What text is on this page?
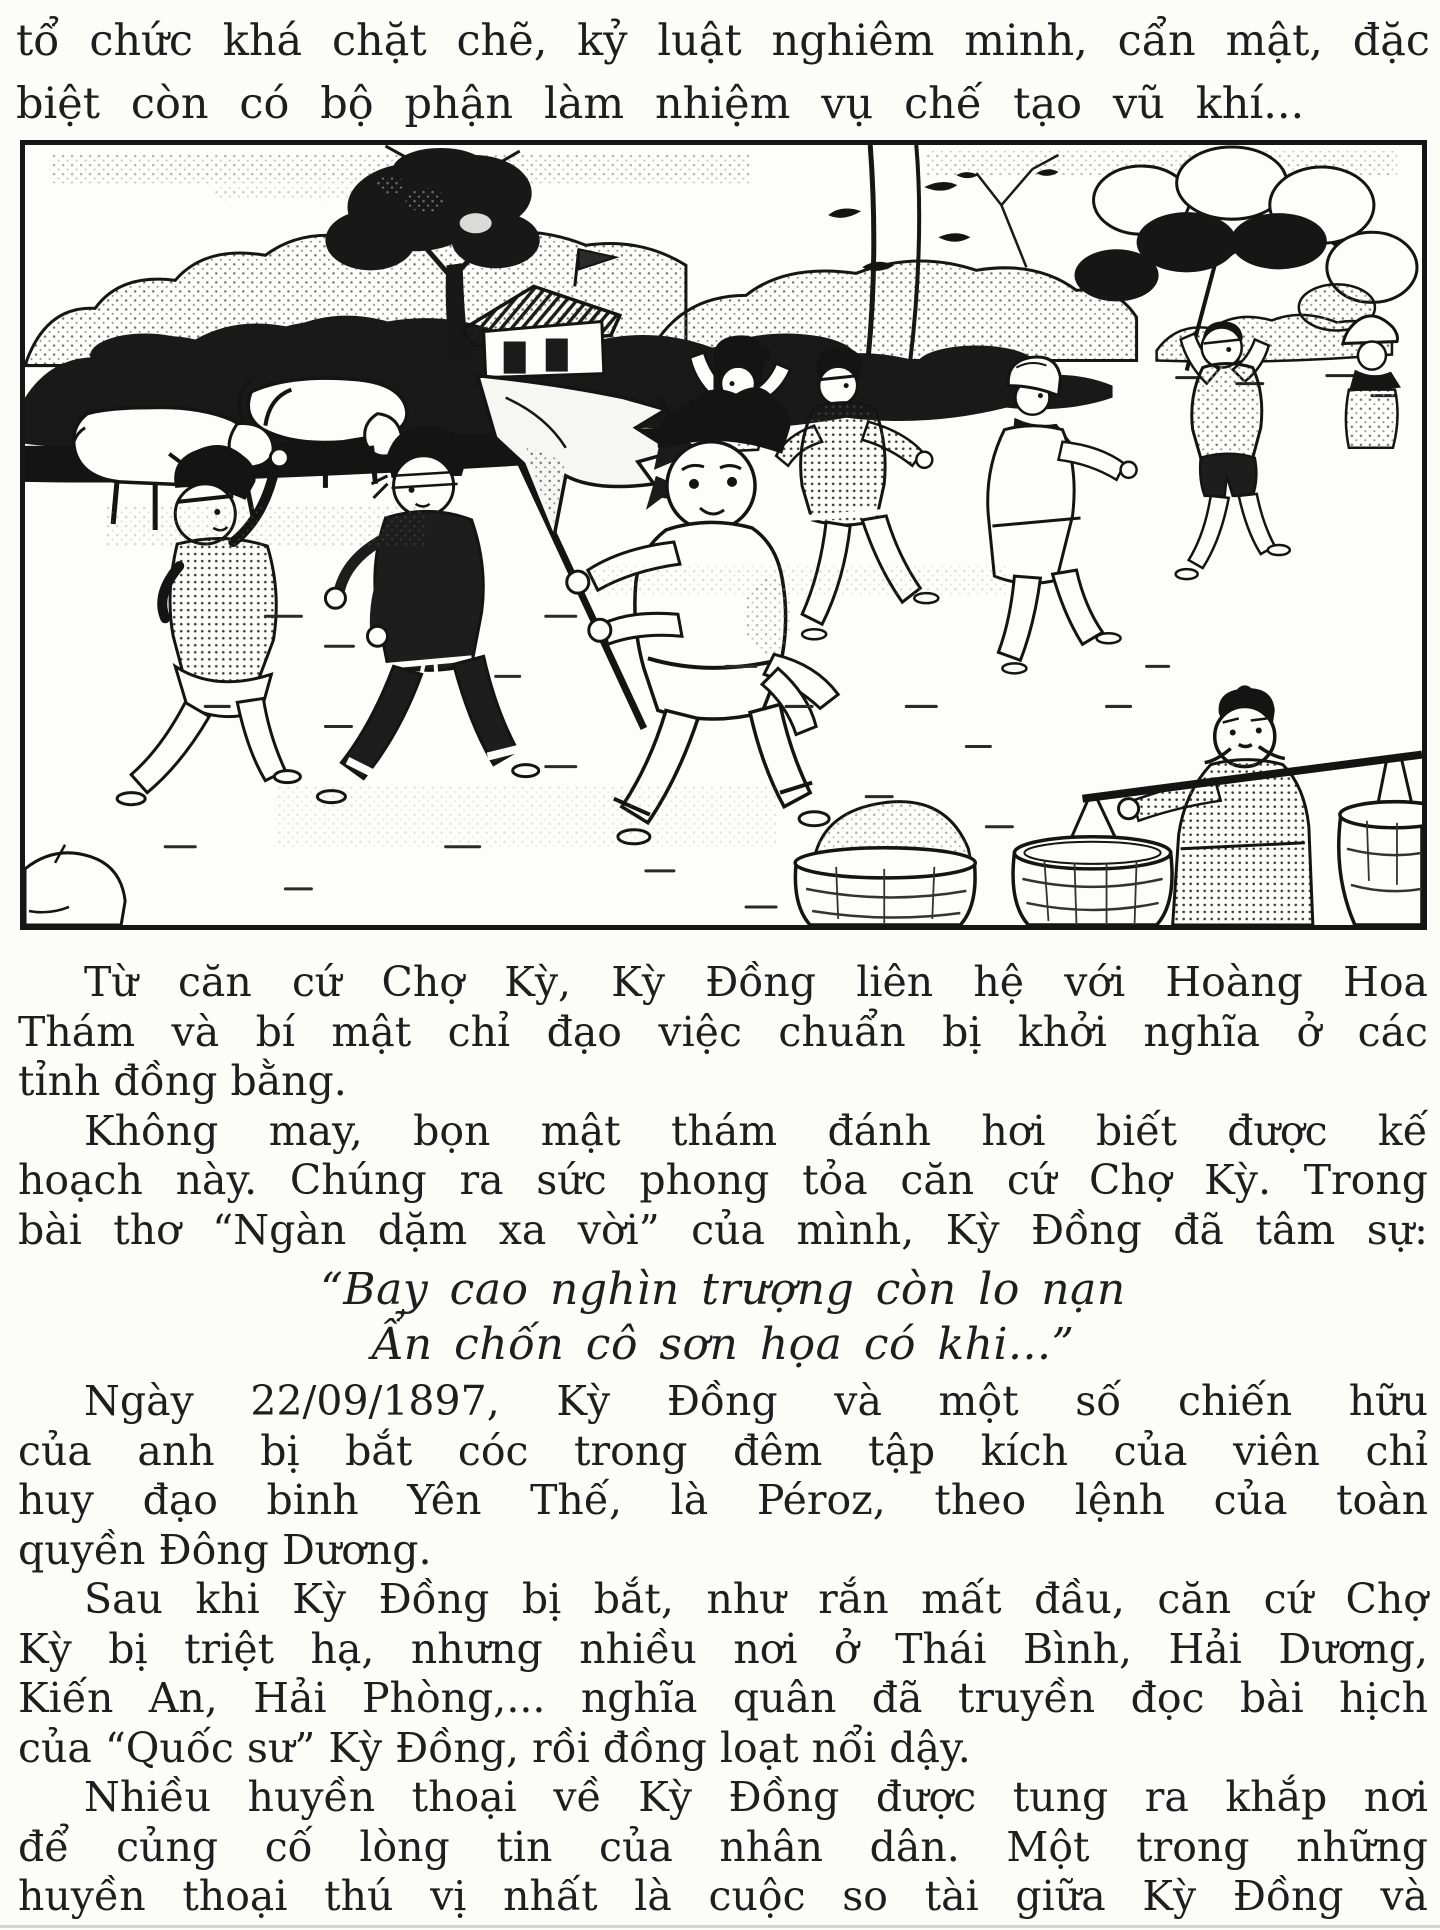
tổ chức khá chặt chẽ, kỷ luật nghiêm minh, cẩn mật, đặc
biệt còn có bộ phận làm nhiệm vụ chế tạo vũ khí...
Từ căn cứ Chợ Kỳ, Kỳ Đồng liên hệ với Hoàng Hoa
Thám và bí mật chỉ đạo việc chuẩn bị khởi nghĩa ở các
tỉnh đồng bằng.
Không may, bọn mật thám đánh hơi biết được kế
hoạch này. Chúng ra sức phong tỏa căn cứ Chợ Kỳ. Trong
bài thơ “Ngàn dặm xa vời” của mình, Kỳ Đồng đã tâm sự:
“Bay cao nghìn trượng còn lo nạn
Ẩn chốn cô sơn họa có khi...”
Ngày 22/09/1897, Kỳ Đồng và một số chiến hữu
của anh bị bắt cóc trong đêm tập kích của viên chỉ
huy đạo binh Yên Thế, là Péroz, theo lệnh của toàn
quyền Đông Dương.
Sau khi Kỳ Đồng bị bắt, như rắn mất đầu, căn cứ Chợ
Kỳ bị triệt hạ, nhưng nhiều nơi ở Thái Bình, Hải Dương,
Kiến An, Hải Phòng,... nghĩa quân đã truyền đọc bài hịch
của “Quốc sư” Kỳ Đồng, rồi đồng loạt nổi dậy.
Nhiều huyền thoại về Kỳ Đồng được tung ra khắp nơi
để củng cố lòng tin của nhân dân. Một trong những
huyền thoại thú vị nhất là cuộc so tài giữa Kỳ Đồng và
